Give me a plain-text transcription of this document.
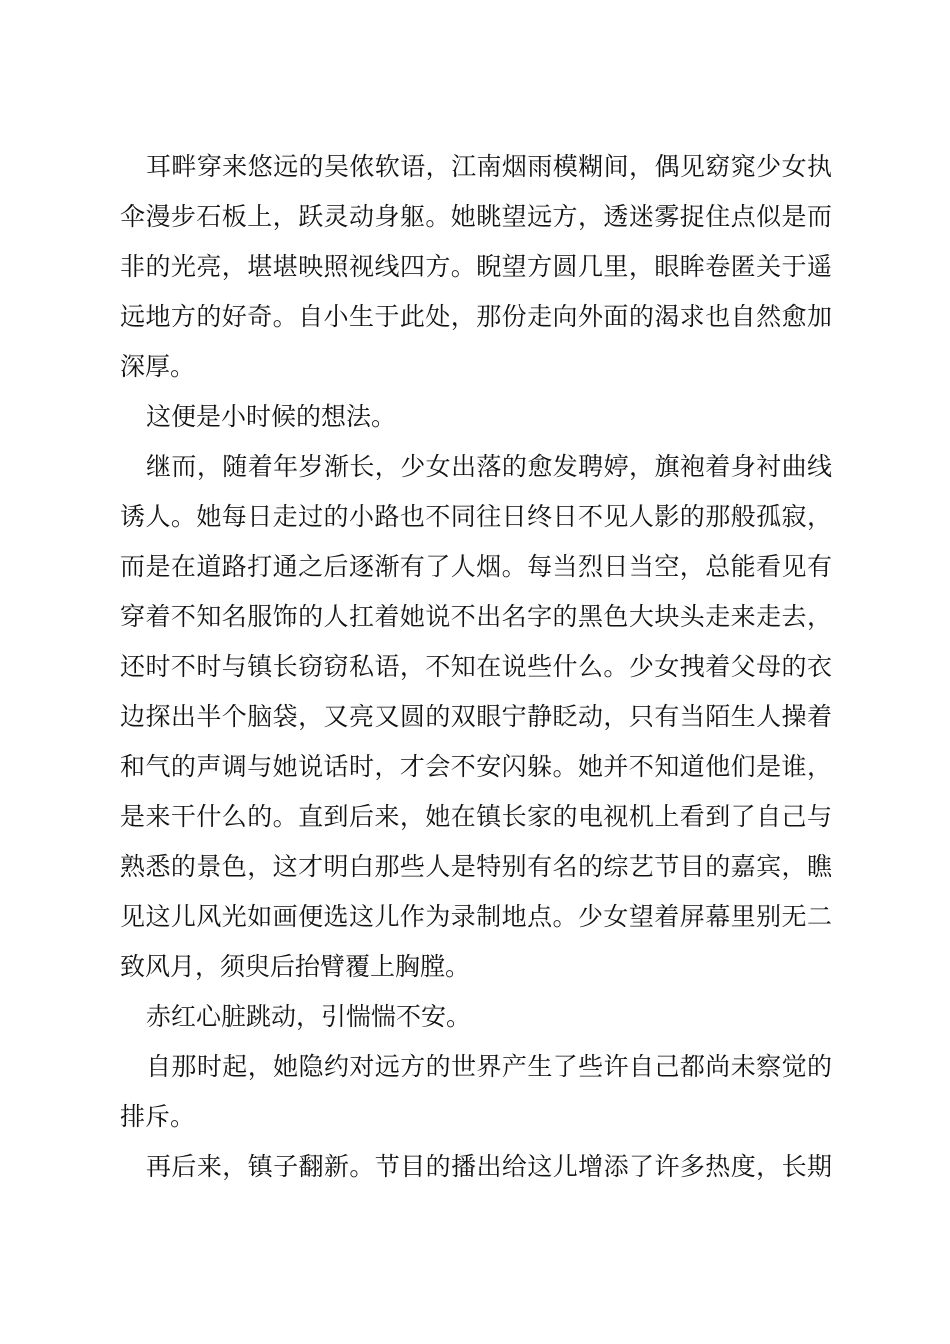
耳畔穿来悠远的吴侬软语，江南烟雨模糊间，偶见窈窕少女执
伞漫步石板上，跃灵动身躯。她眺望远方，透迷雾捉住点似是而
非的光亮，堪堪映照视线四方。睨望方圆几里，眼眸卷匿关于遥
远地方的好奇。自小生于此处，那份走向外面的渴求也自然愈加
深厚。
这便是小时候的想法。
继而，随着年岁渐长，少女出落的愈发聘婷，旗袍着身衬曲线
诱人。她每日走过的小路也不同往日终日不见人影的那般孤寂，
而是在道路打通之后逐渐有了人烟。每当烈日当空，总能看见有
穿着不知名服饰的人扛着她说不出名字的黑色大块头走来走去，
还时不时与镇长窃窃私语，不知在说些什么。少女拽着父母的衣
边探出半个脑袋，又亮又圆的双眼宁静眨动，只有当陌生人操着
和气的声调与她说话时，才会不安闪躲。她并不知道他们是谁，
是来干什么的。直到后来，她在镇长家的电视机上看到了自己与
熟悉的景色，这才明白那些人是特别有名的综艺节目的嘉宾，瞧
见这儿风光如画便选这儿作为录制地点。少女望着屏幕里别无二
致风月，须臾后抬臂覆上胸膛。
赤红心脏跳动，引惴惴不安。
自那时起，她隐约对远方的世界产生了些许自己都尚未察觉的
排斥。
再后来，镇子翻新。节目的播出给这儿增添了许多热度，长期
